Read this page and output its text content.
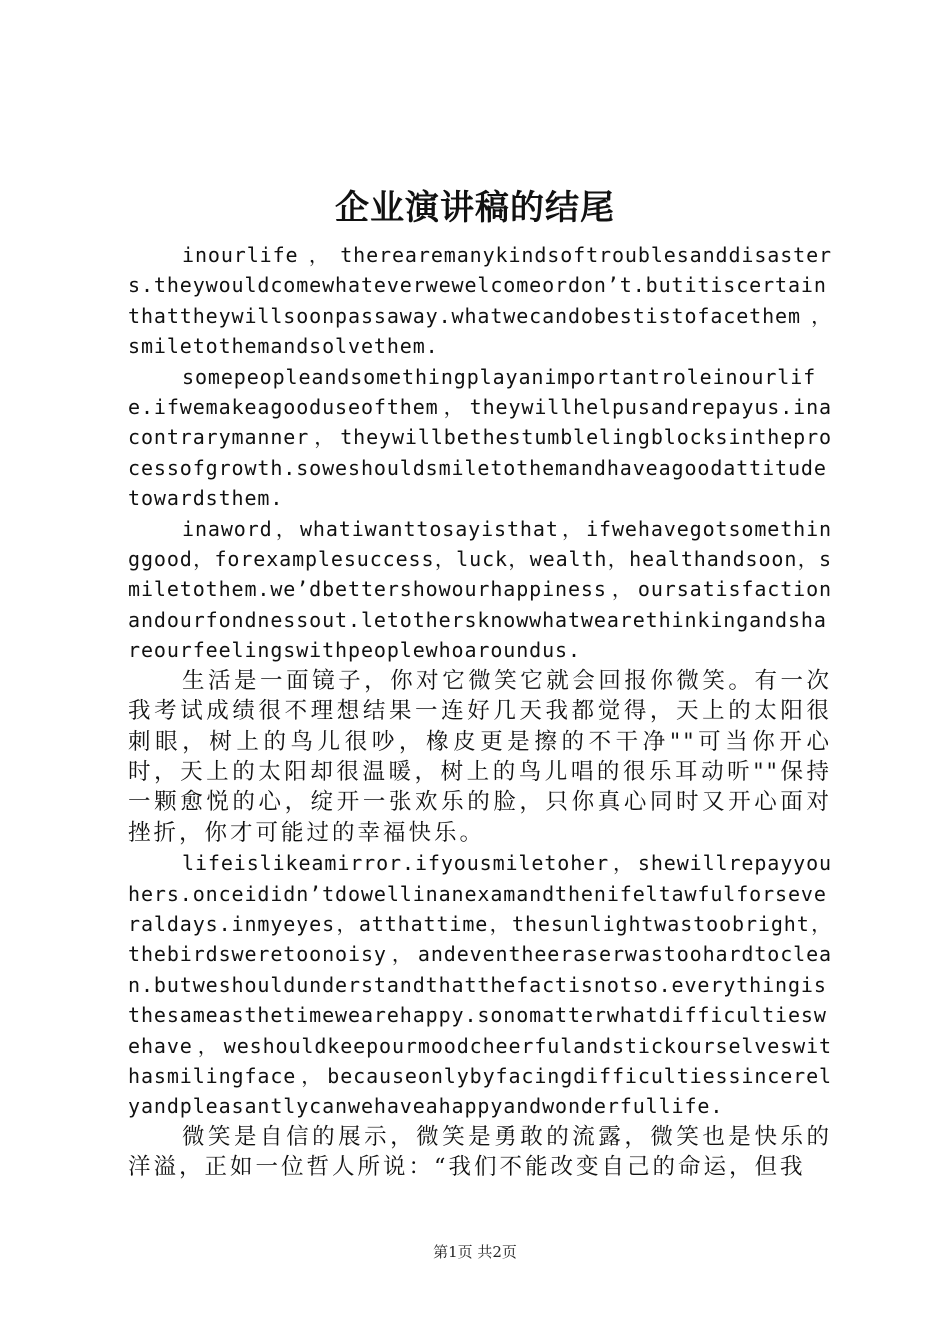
企业演讲稿的结尾

inourlife，therearemanykindsoftroublesanddisasters.theywouldcomewhateverwewelcomeordon’t.butitiscertainthattheywillsoonpassaway.whatwecandobestistofacethem，smiletothemandsolvethem.

somepeopleandsomethingplayanimportantroleinourlife.ifwemakeagooduseofthem，theywillhelpusandrepayus.inacontrarymanner，theywillbethestumblelingblocksintheprocessofgrowth.soweshouldsmiletothemandhaveagoodattitudetowardsthem.

inaword，whatiwanttosayisthat，ifwehavegotsomethinggood，forexamplesuccess，luck，wealth，healthandsoon，smiletothem.we’dbettershowourhappiness，oursatisfactionandourfondnessout.letothersknowwhatwearethinkingandshareourfeelingswithpeoplewhoaroundus.

生活是一面镜子，你对它微笑它就会回报你微笑。有一次我考试成绩很不理想结果一连好几天我都觉得，天上的太阳很刺眼，树上的鸟儿很吵，橡皮更是擦的不干净""可当你开心时，天上的太阳却很温暖，树上的鸟儿唱的很乐耳动听""保持一颗愈悦的心，绽开一张欢乐的脸，只你真心同时又开心面对挫折，你才可能过的幸福快乐。

lifeislikeamirror.ifyousmiletoher，shewillrepayyouhers.onceididn’tdowellinanexamandthenifeltawfulforseveraldays.inmyeyes，atthattime，thesunlightwastoobright，thebirdsweretoonoisy，andeventheeraserwastoohardtoclean.butweshouldunderstandthatthefactisnotso.everythingisthesameasthetimewearehappy.sonomatterwhatdifficultieswehave，weshouldkeepourmoodcheerfulandstickourselveswithasmilingface，becauseonlybyfacingdifficultiessincerelyandpleasantlycanwehaveahappyandwonderfullife.

微笑是自信的展示，微笑是勇敢的流露，微笑也是快乐的洋溢，正如一位哲人所说：“我们不能改变自己的命运，但我

第1页 共2页
